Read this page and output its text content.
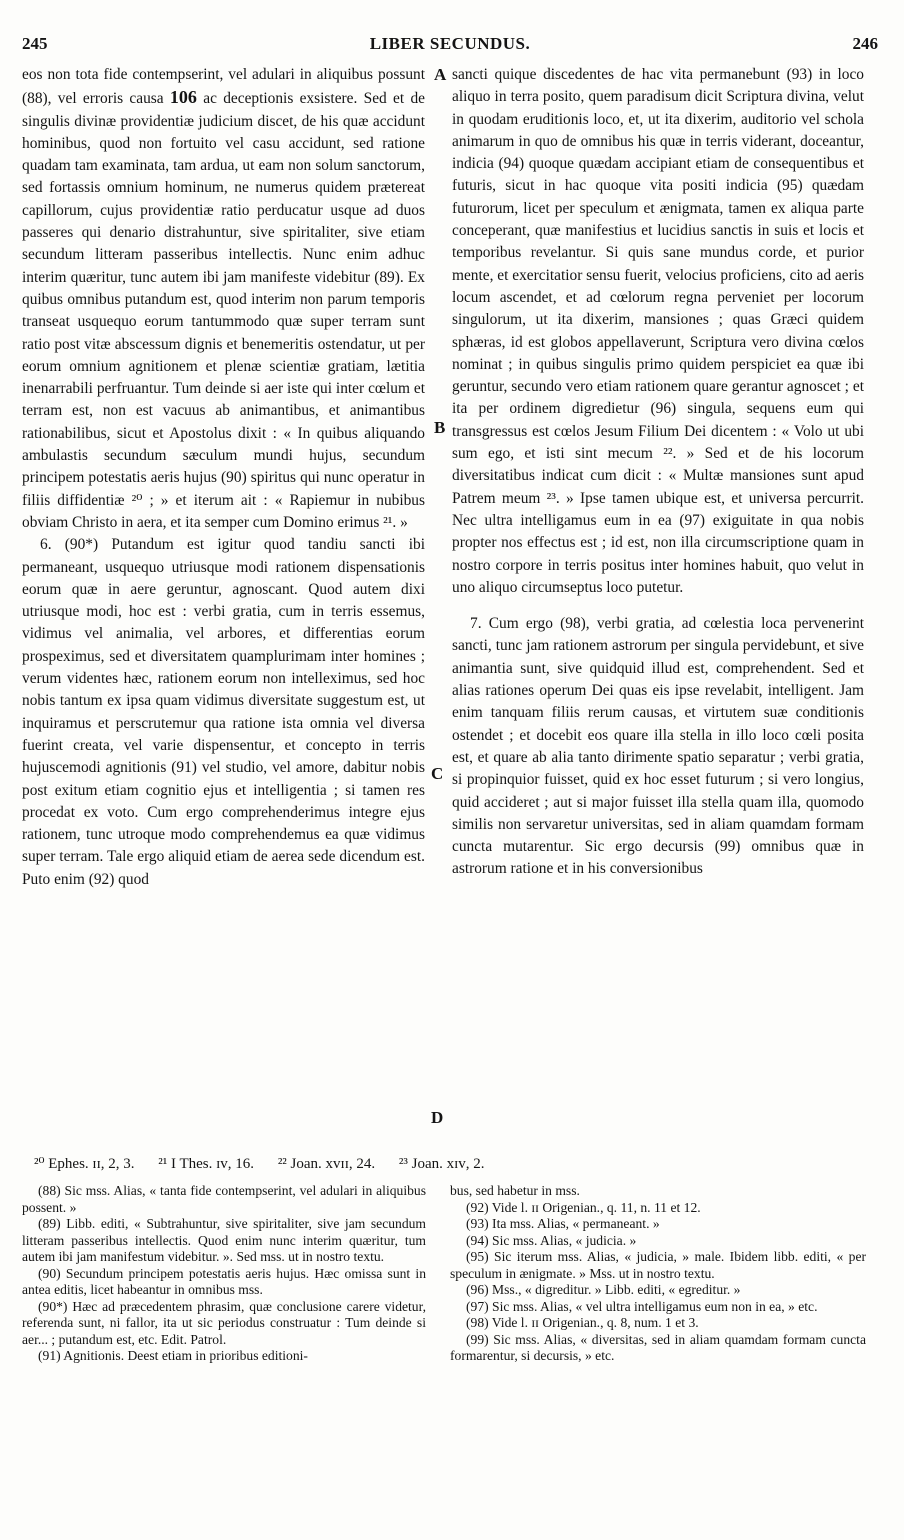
245	LIBER SECUNDUS.	246

eos non tota fide contempserint, vel adulari in aliquibus possunt (88), vel erroris causa 106 ac deceptionis exsistere. Sed et de singulis divinæ providentiæ judicium discet, de his quæ accidunt hominibus, quod non fortuito vel casu accidunt, sed ratione quadam tam examinata, tam ardua, ut eam non solum sanctorum, sed fortassis omnium hominum, ne numerus quidem prætereat capillorum, cujus providentiæ ratio perducatur usque ad duos passeres qui denario distrahuntur, sive spiritaliter, sive etiam secundum litteram passeribus intellectis. Nunc enim adhuc interim quæritur, tunc autem ibi jam manifeste videbitur (89). Ex quibus omnibus putandum est, quod interim non parum temporis transeat usquequo eorum tantummodo quæ super terram sunt ratio post vitæ abscessum dignis et benemeritis ostendatur, ut per eorum omnium agnitionem et plenæ scientiæ gratiam, lætitia inenarrabili perfruantur. Tum deinde si aer iste qui inter cœlum et terram est, non est vacuus ab animantibus, et animantibus rationabilibus, sicut et Apostolus dixit : « In quibus aliquando ambulastis secundum sæculum mundi hujus, secundum principem potestatis aeris hujus (90) spiritus qui nunc operatur in filiis diffidentiæ ²⁰ ; » et iterum ait : « Rapiemur in nubibus obviam Christo in aera, et ita semper cum Domino erimus ²¹. »

6. (90*) Putandum est igitur quod tandiu sancti ibi permaneant, usquequo utriusque modi rationem dispensationis eorum quæ in aere geruntur, agnoscant. Quod autem dixi utriusque modi, hoc est : verbi gratia, cum in terris essemus, vidimus vel animalia, vel arbores, et differentias eorum prospeximus, sed et diversitatem quamplurimam inter homines ; verum videntes hæc, rationem eorum non intelleximus, sed hoc nobis tantum ex ipsa quam vidimus diversitate suggestum est, ut inquiramus et perscrutemur qua ratione ista omnia vel diversa fuerint creata, vel varie dispensentur, et concepto in terris hujuscemodi agnitionis (91) vel studio, vel amore, dabitur nobis post exitum etiam cognitio ejus et intelligentia ; si tamen res procedat ex voto. Cum ergo comprehenderimus integre ejus rationem, tunc utroque modo comprehendemus ea quæ vidimus super terram. Tale ergo aliquid etiam de aerea sede dicendum est. Puto enim (92) quod

sancti quique discedentes de hac vita permanebunt (93) in loco aliquo in terra posito, quem paradisum dicit Scriptura divina, velut in quodam eruditionis loco, et, ut ita dixerim, auditorio vel schola animarum in quo de omnibus his quæ in terris viderant, doceantur, indicia (94) quoque quædam accipiant etiam de consequentibus et futuris, sicut in hac quoque vita positi indicia (95) quædam futurorum, licet per speculum et ænigmata, tamen ex aliqua parte conceperant, quæ manifestius et lucidius sanctis in suis et locis et temporibus revelantur. Si quis sane mundus corde, et purior mente, et exercitatior sensu fuerit, velocius proficiens, cito ad aeris locum ascendet, et ad cœlorum regna perveniet per locorum singulorum, ut ita dixerim, mansiones ; quas Græci quidem sphæras, id est globos appellaverunt, Scriptura vero divina cœlos nominat ; in quibus singulis primo quidem perspiciet ea quæ ibi geruntur, secundo vero etiam rationem quare gerantur agnoscet ; et ita per ordinem digredietur (96) singula, sequens eum qui transgressus est cœlos Jesum Filium Dei dicentem : « Volo ut ubi sum ego, et isti sint mecum ²². » Sed et de his locorum diversitatibus indicat cum dicit : « Multæ mansiones sunt apud Patrem meum ²³. » Ipse tamen ubique est, et universa percurrit. Nec ultra intelligamus eum in ea (97) exiguitate in qua nobis propter nos effectus est ; id est, non illa circumscriptione quam in nostro corpore in terris positus inter homines habuit, quo velut in uno aliquo circumseptus loco putetur.

7. Cum ergo (98), verbi gratia, ad cœlestia loca pervenerint sancti, tunc jam rationem astrorum per singula pervidebunt, et sive animantia sunt, sive quidquid illud est, comprehendent. Sed et alias rationes operum Dei quas eis ipse revelabit, intelligent. Jam enim tanquam filiis rerum causas, et virtutem suæ conditionis ostendet ; et docebit eos quare illa stella in illo loco cœli posita est, et quare ab alia tanto dirimente spatio separatur ; verbi gratia, si propinquior fuisset, quid ex hoc esset futurum ; si vero longius, quid accideret ; aut si major fuisset illa stella quam illa, quomodo similis non servaretur universitas, sed in aliam quamdam formam cuncta mutarentur. Sic ergo decursis (99) omnibus quæ in astrorum ratione et in his conversionibus

A
B
C
D
²⁰ Ephes. ɪɪ, 2, 3. ²¹ I Thes. ɪᴠ, 16. ²² Joan. xᴠɪɪ, 24. ²³ Joan. xɪᴠ, 2.

(88) Sic mss. Alias, « tanta fide contempserint, vel adulari in aliquibus possent. »

(89) Libb. editi, « Subtrahuntur, sive spiritaliter, sive jam secundum litteram passeribus intellectis. Quod enim nunc interim quæritur, tum autem ibi jam manifestum videbitur. ». Sed mss. ut in nostro textu.

(90) Secundum principem potestatis aeris hujus. Hæc omissa sunt in antea editis, licet habeantur in omnibus mss.

(90*) Hæc ad præcedentem phrasim, quæ conclusione carere videtur, referenda sunt, ni fallor, ita ut sic periodus construatur : Tum deinde si aer... ; putandum est, etc. Edit. Patrol.

(91) Agnitionis. Deest etiam in prioribus editioni-

bus, sed habetur in mss.

(92) Vide l. ɪɪ Origenian., q. 11, n. 11 et 12.

(93) Ita mss. Alias, « permaneant. »

(94) Sic mss. Alias, « judicia. »

(95) Sic iterum mss. Alias, « judicia, » male. Ibidem libb. editi, « per speculum in ænigmate. » Mss. ut in nostro textu.

(96) Mss., « digreditur. » Libb. editi, « egreditur. »

(97) Sic mss. Alias, « vel ultra intelligamus eum non in ea, » etc.

(98) Vide l. ɪɪ Origenian., q. 8, num. 1 et 3.

(99) Sic mss. Alias, « diversitas, sed in aliam quamdam formam cuncta formarentur, si decursis, » etc.
